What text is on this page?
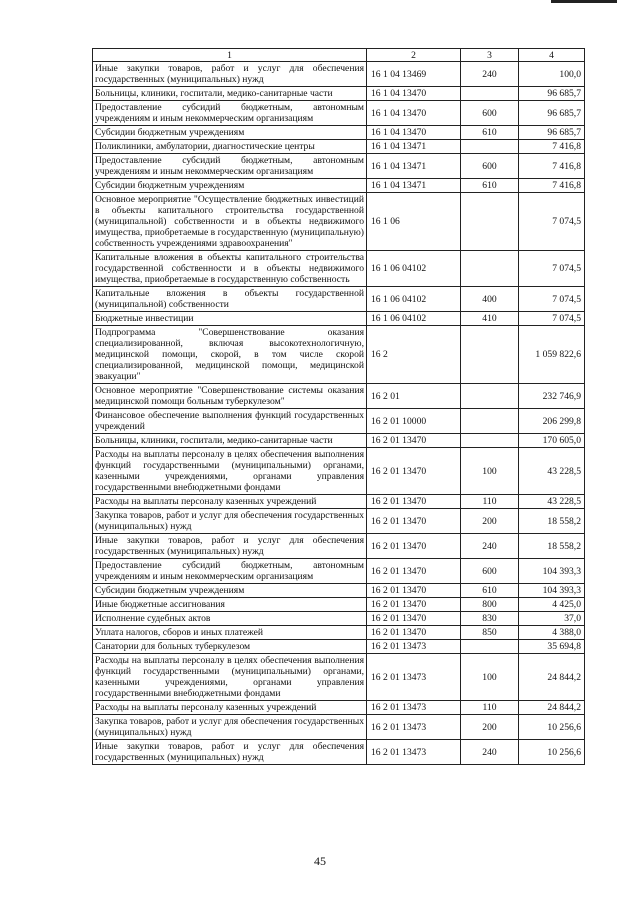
1	2	3	4
Иные закупки товаров, работ и услуг для обеспечения государственных (муниципальных) нужд	16 1 04 13469	240	100,0
Больницы, клиники, госпитали, медико-санитарные части	16 1 04 13470		96 685,7
Предоставление субсидий бюджетным, автономным учреждениям и иным некоммерческим организациям	16 1 04 13470	600	96 685,7
Субсидии бюджетным учреждениям	16 1 04 13470	610	96 685,7
Поликлиники, амбулатории, диагностические центры	16 1 04 13471		7 416,8
Предоставление субсидий бюджетным, автономным учреждениям и иным некоммерческим организациям	16 1 04 13471	600	7 416,8
Субсидии бюджетным учреждениям	16 1 04 13471	610	7 416,8
Основное мероприятие "Осуществление бюджетных инвестиций в объекты капитального строительства государственной (муниципальной) собственности и в объекты недвижимого имущества, приобретаемые в государственную (муниципальную) собственность учреждениями здравоохранения"	16 1 06		7 074,5
Капитальные вложения в объекты капитального строительства государственной собственности и в объекты недвижимого имущества, приобретаемые в государственную собственность	16 1 06 04102		7 074,5
Капитальные вложения в объекты государственной (муниципальной) собственности	16 1 06 04102	400	7 074,5
Бюджетные инвестиции	16 1 06 04102	410	7 074,5
Подпрограмма "Совершенствование оказания специализированной, включая высокотехнологичную, медицинской помощи, скорой, в том числе скорой специализированной, медицинской помощи, медицинской эвакуации"	16 2		1 059 822,6
Основное мероприятие "Совершенствование системы оказания медицинской помощи больным туберкулезом"	16 2 01		232 746,9
Финансовое обеспечение выполнения функций государственных учреждений	16 2 01 10000		206 299,8
Больницы, клиники, госпитали, медико-санитарные части	16 2 01 13470		170 605,0
Расходы на выплаты персоналу в целях обеспечения выполнения функций государственными (муниципальными) органами, казенными учреждениями, органами управления государственными внебюджетными фондами	16 2 01 13470	100	43 228,5
Расходы на выплаты персоналу казенных учреждений	16 2 01 13470	110	43 228,5
Закупка товаров, работ и услуг для обеспечения государственных (муниципальных) нужд	16 2 01 13470	200	18 558,2
Иные закупки товаров, работ и услуг для обеспечения государственных (муниципальных) нужд	16 2 01 13470	240	18 558,2
Предоставление субсидий бюджетным, автономным учреждениям и иным некоммерческим организациям	16 2 01 13470	600	104 393,3
Субсидии бюджетным учреждениям	16 2 01 13470	610	104 393,3
Иные бюджетные ассигнования	16 2 01 13470	800	4 425,0
Исполнение судебных актов	16 2 01 13470	830	37,0
Уплата налогов, сборов и иных платежей	16 2 01 13470	850	4 388,0
Санатории для больных туберкулезом	16 2 01 13473		35 694,8
Расходы на выплаты персоналу в целях обеспечения выполнения функций государственными (муниципальными) органами, казенными учреждениями, органами управления государственными внебюджетными фондами	16 2 01 13473	100	24 844,2
Расходы на выплаты персоналу казенных учреждений	16 2 01 13473	110	24 844,2
Закупка товаров, работ и услуг для обеспечения государственных (муниципальных) нужд	16 2 01 13473	200	10 256,6
Иные закупки товаров, работ и услуг для обеспечения государственных (муниципальных) нужд	16 2 01 13473	240	10 256,6
45
